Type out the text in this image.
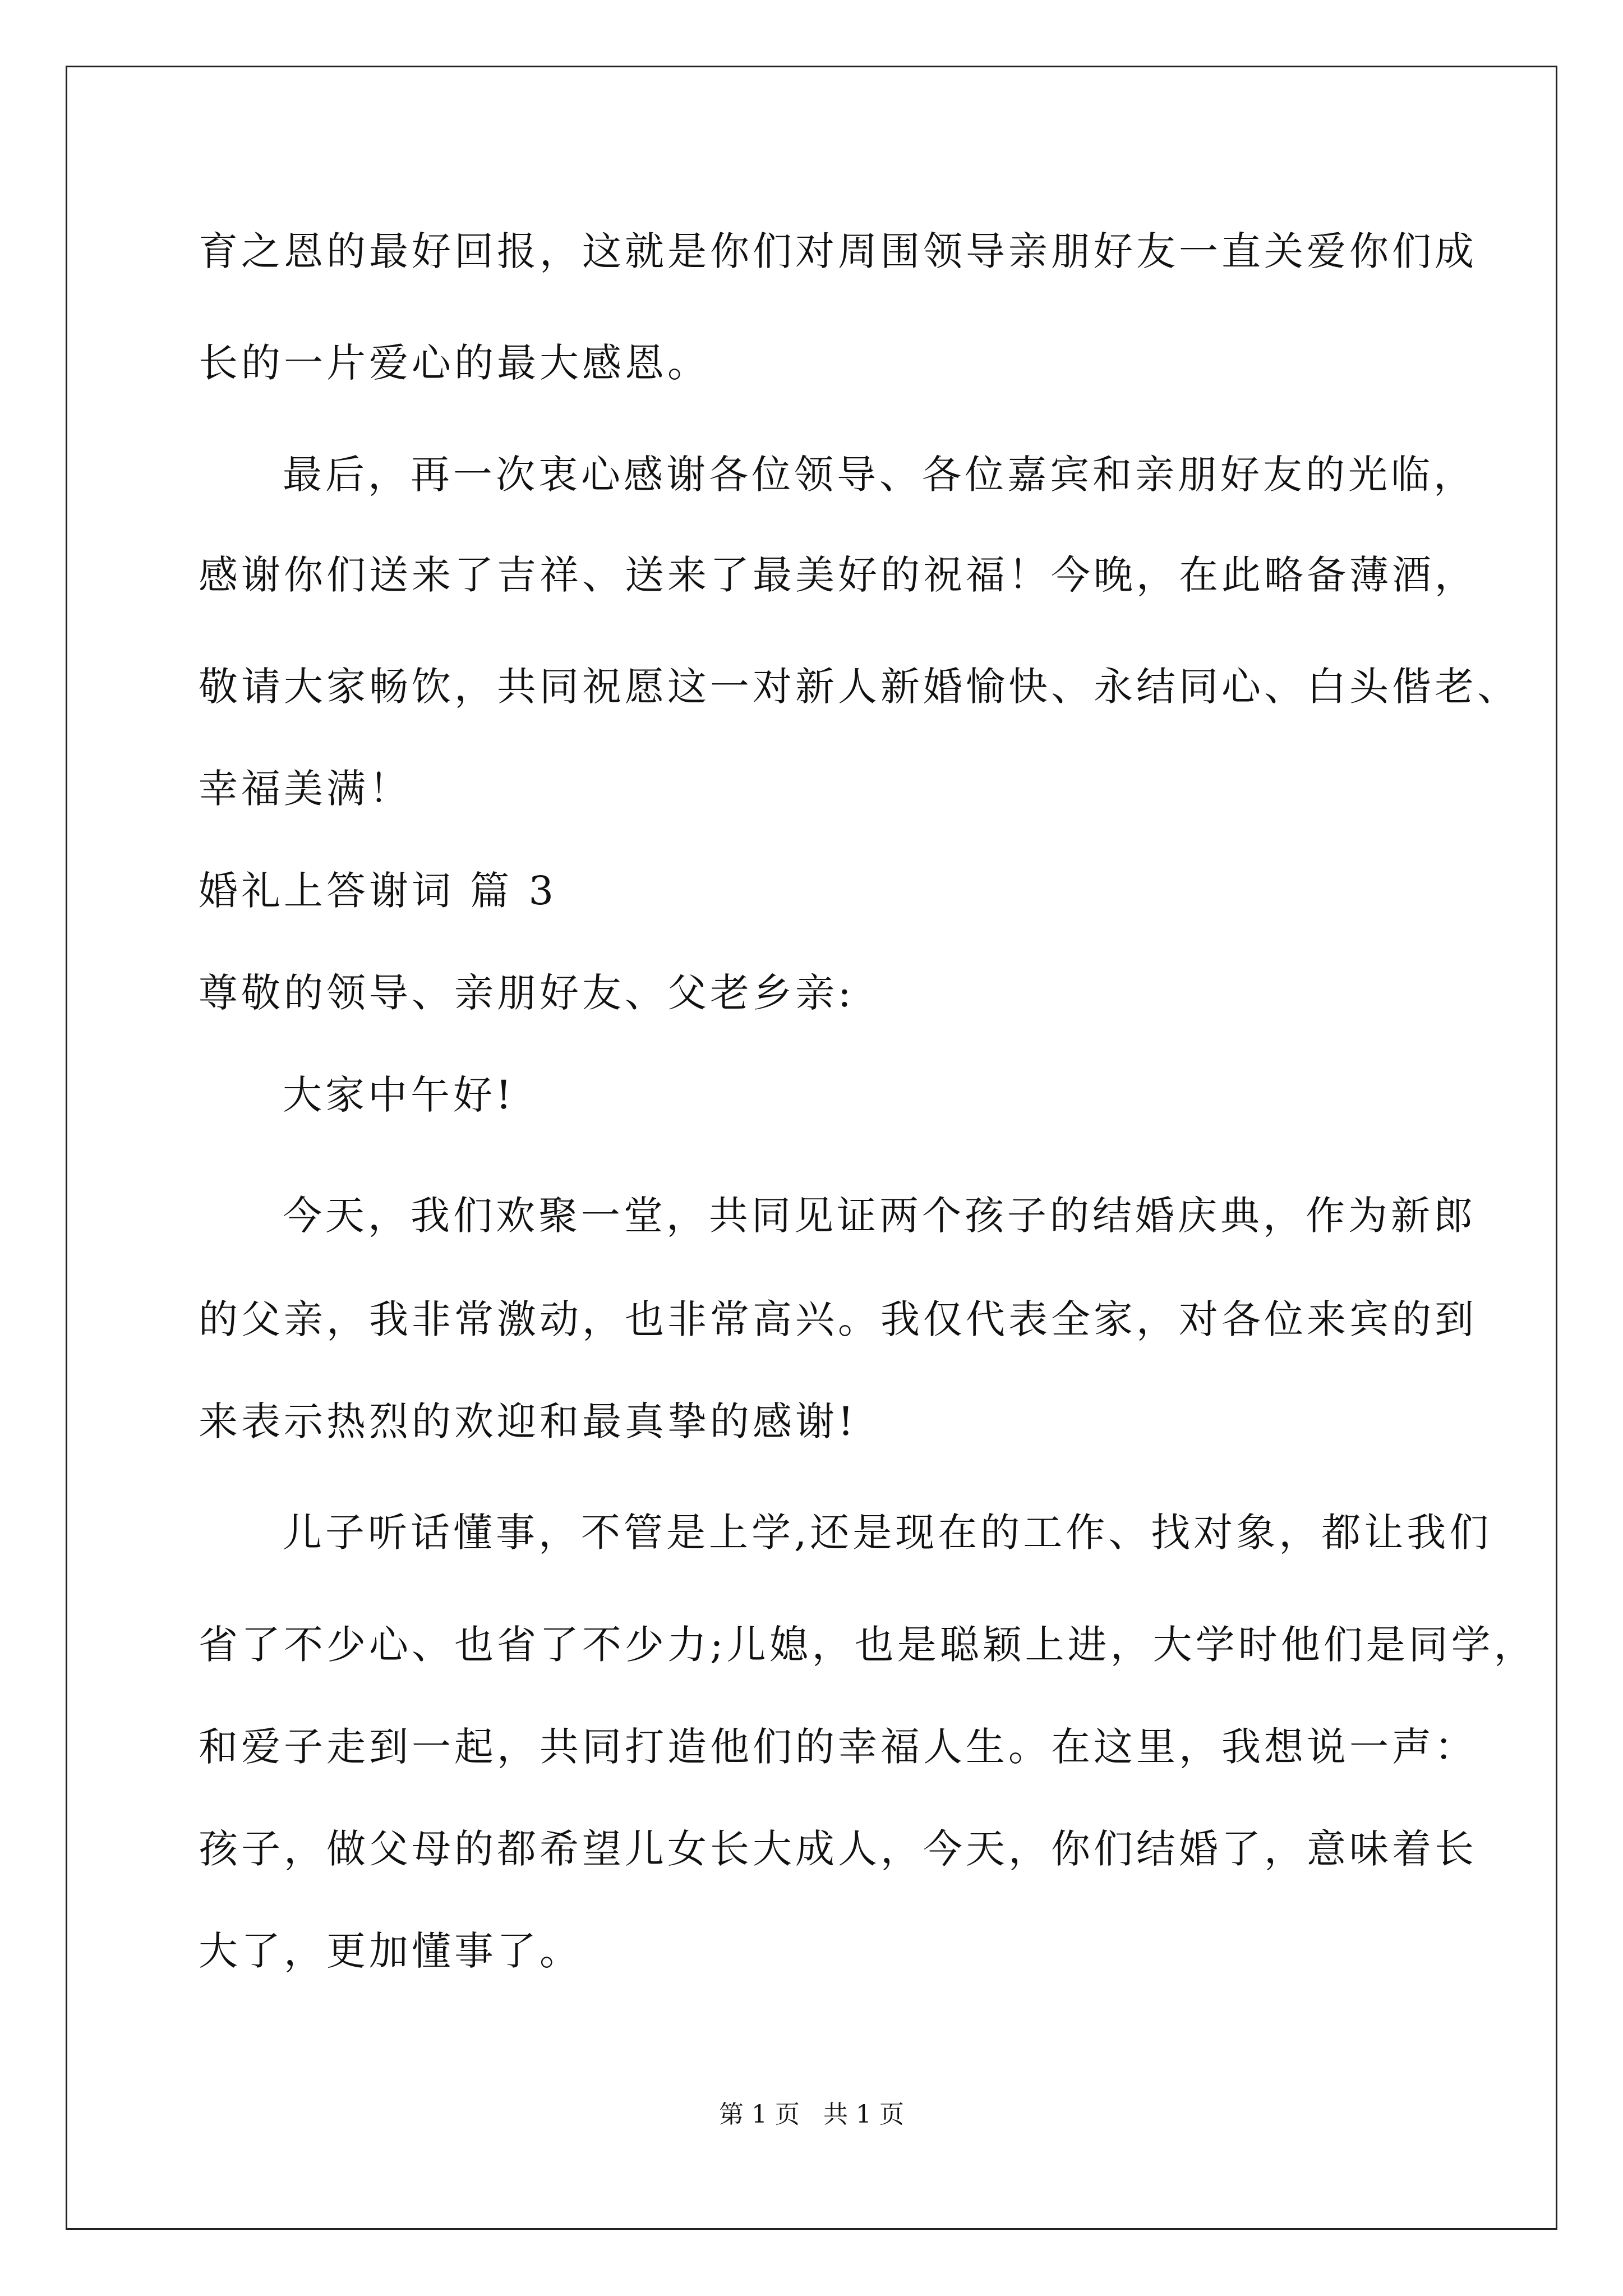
育之恩的最好回报，这就是你们对周围领导亲朋好友一直关爱你们成
长的一片爱心的最大感恩。
最后，再一次衷心感谢各位领导、各位嘉宾和亲朋好友的光临，
感谢你们送来了吉祥、送来了最美好的祝福！今晚，在此略备薄酒，
敬请大家畅饮，共同祝愿这一对新人新婚愉快、永结同心、白头偕老、
幸福美满！
婚礼上答谢词 篇 3
尊敬的领导、亲朋好友、父老乡亲:
大家中午好!
今天，我们欢聚一堂，共同见证两个孩子的结婚庆典，作为新郎
的父亲，我非常激动，也非常高兴。我仅代表全家，对各位来宾的到
来表示热烈的欢迎和最真挚的感谢!
儿子听话懂事，不管是上学,还是现在的工作、找对象，都让我们
省了不少心、也省了不少力;儿媳，也是聪颖上进，大学时他们是同学，
和爱子走到一起，共同打造他们的幸福人生。在这里，我想说一声：
孩子，做父母的都希望儿女长大成人，今天，你们结婚了，意味着长
大了，更加懂事了。
第 1 页   共 1 页
